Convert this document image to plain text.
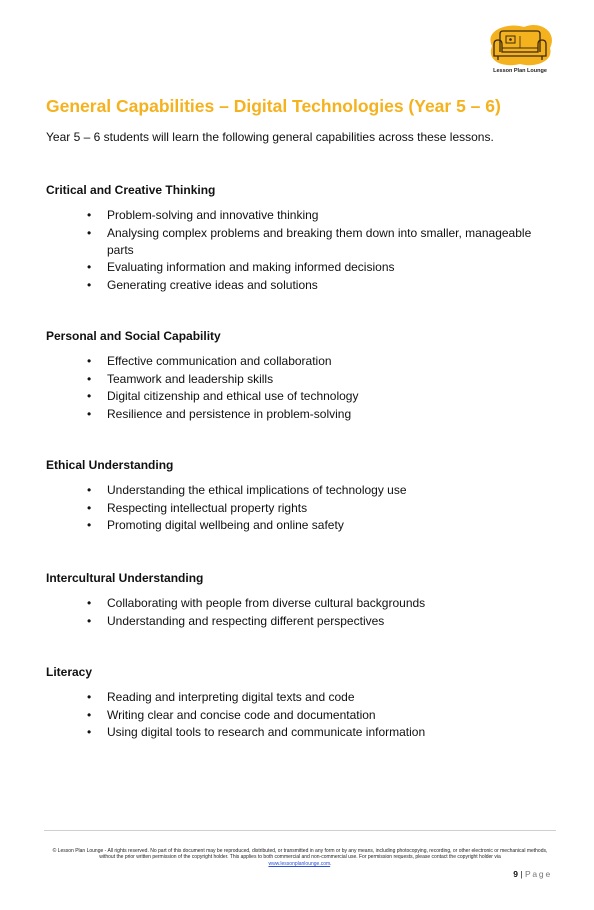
Lesson Plan Lounge
General Capabilities – Digital Technologies (Year 5 – 6)

Year 5 – 6 students will learn the following general capabilities across these lessons.

Critical and Creative Thinking
• Problem-solving and innovative thinking
• Analysing complex problems and breaking them down into smaller, manageable parts
• Evaluating information and making informed decisions
• Generating creative ideas and solutions
Personal and Social Capability
• Effective communication and collaboration
• Teamwork and leadership skills
• Digital citizenship and ethical use of technology
• Resilience and persistence in problem-solving
Ethical Understanding
• Understanding the ethical implications of technology use
• Respecting intellectual property rights
• Promoting digital wellbeing and online safety
Intercultural Understanding
• Collaborating with people from diverse cultural backgrounds
• Understanding and respecting different perspectives
Literacy
• Reading and interpreting digital texts and code
• Writing clear and concise code and documentation
• Using digital tools to research and communicate information
© Lesson Plan Lounge - All rights reserved. No part of this document may be reproduced, distributed, or transmitted in any form or by any means, including photocopying, recording, or other electronic or mechanical methods, without the prior written permission of the copyright holder. This applies to both commercial and non-commercial use. For permission requests, please contact the copyright holder via
www.lessonplanlounge.com.
9 | Page
